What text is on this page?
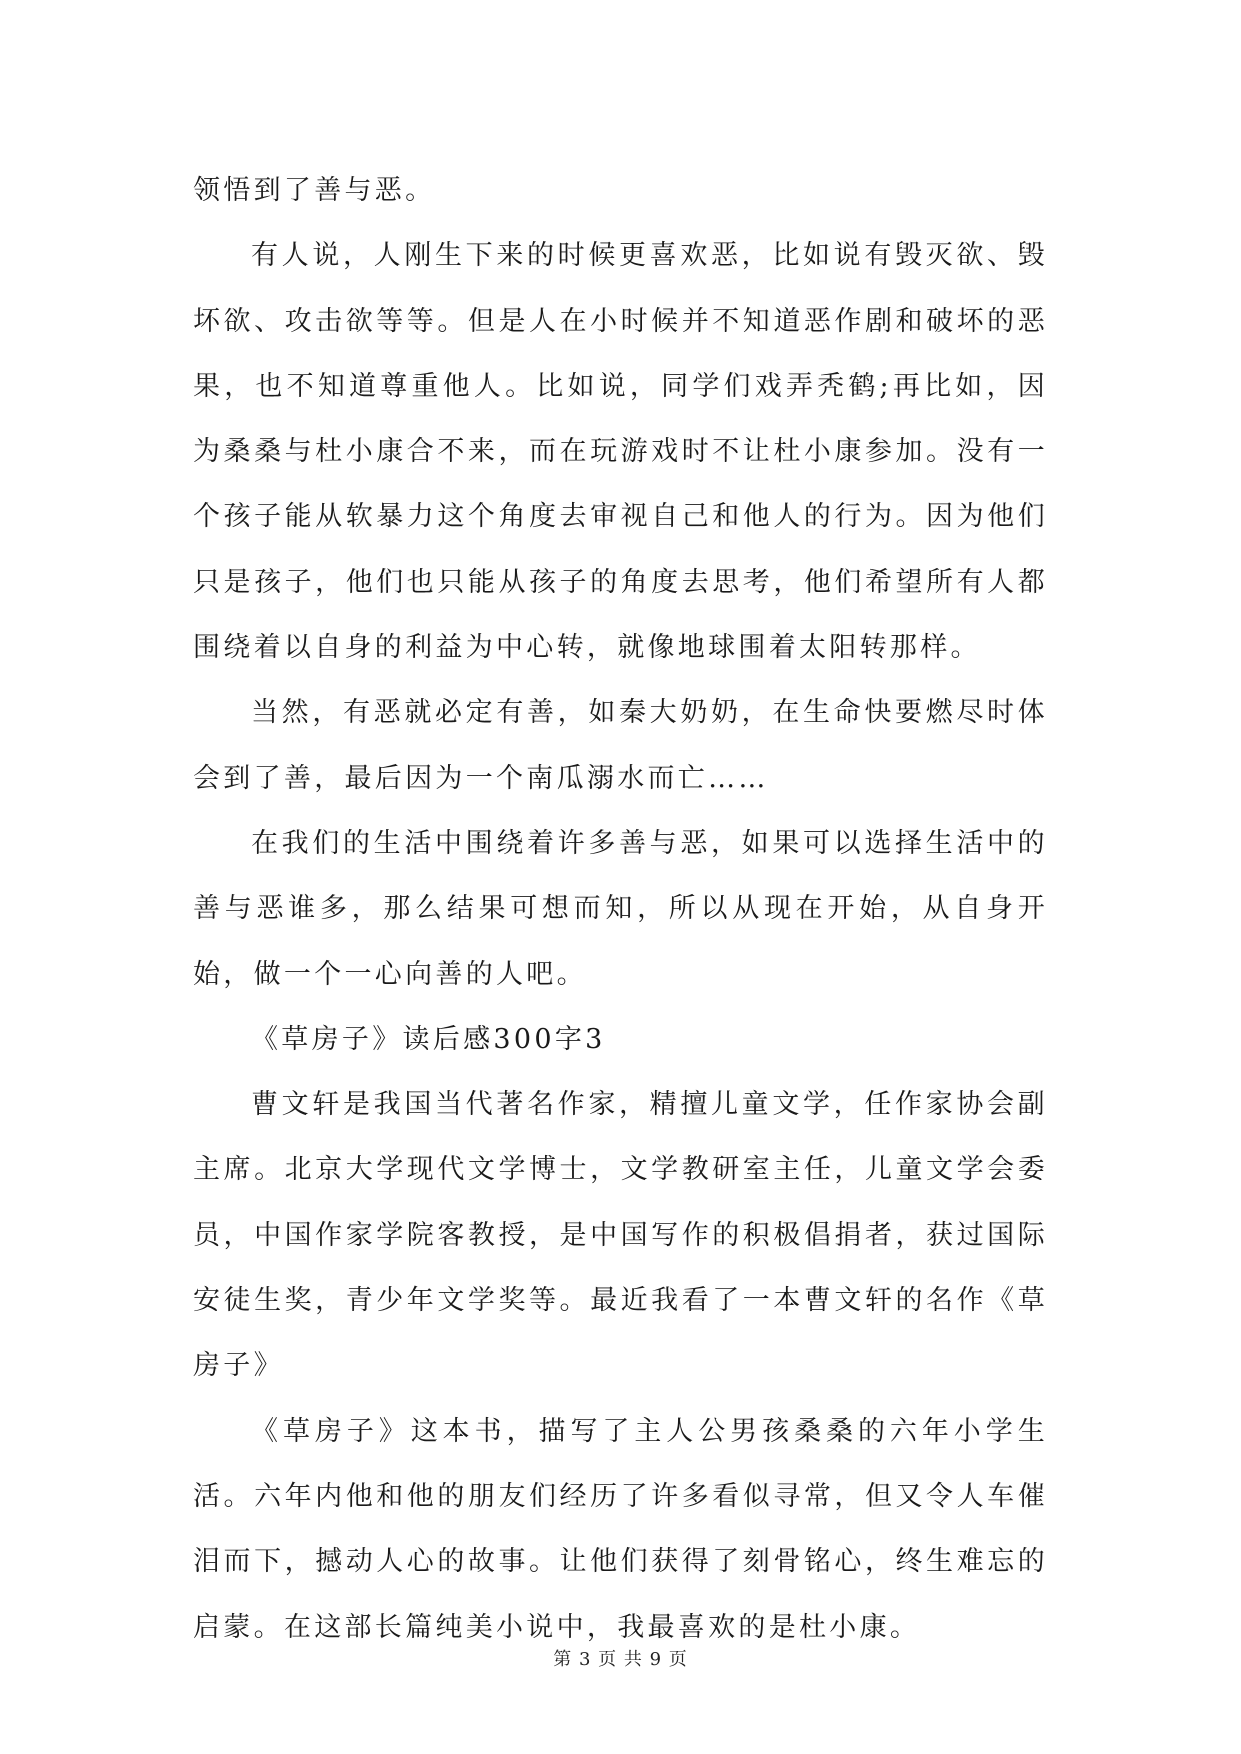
领悟到了善与恶。

有人说，人刚生下来的时候更喜欢恶，比如说有毁灭欲、毁坏欲、攻击欲等等。但是人在小时候并不知道恶作剧和破坏的恶果，也不知道尊重他人。比如说，同学们戏弄秃鹤;再比如，因为桑桑与杜小康合不来，而在玩游戏时不让杜小康参加。没有一个孩子能从软暴力这个角度去审视自己和他人的行为。因为他们只是孩子，他们也只能从孩子的角度去思考，他们希望所有人都围绕着以自身的利益为中心转，就像地球围着太阳转那样。

当然，有恶就必定有善，如秦大奶奶，在生命快要燃尽时体会到了善，最后因为一个南瓜溺水而亡……

在我们的生活中围绕着许多善与恶，如果可以选择生活中的善与恶谁多，那么结果可想而知，所以从现在开始，从自身开始，做一个一心向善的人吧。

《草房子》读后感300字3

曹文轩是我国当代著名作家，精擅儿童文学，任作家协会副主席。北京大学现代文学博士，文学教研室主任，儿童文学会委员，中国作家学院客教授，是中国写作的积极倡捐者，获过国际安徒生奖，青少年文学奖等。最近我看了一本曹文轩的名作《草房子》

《草房子》这本书，描写了主人公男孩桑桑的六年小学生活。六年内他和他的朋友们经历了许多看似寻常，但又令人车催泪而下，撼动人心的故事。让他们获得了刻骨铭心，终生难忘的启蒙。在这部长篇纯美小说中，我最喜欢的是杜小康。

第 3 页 共 9 页
